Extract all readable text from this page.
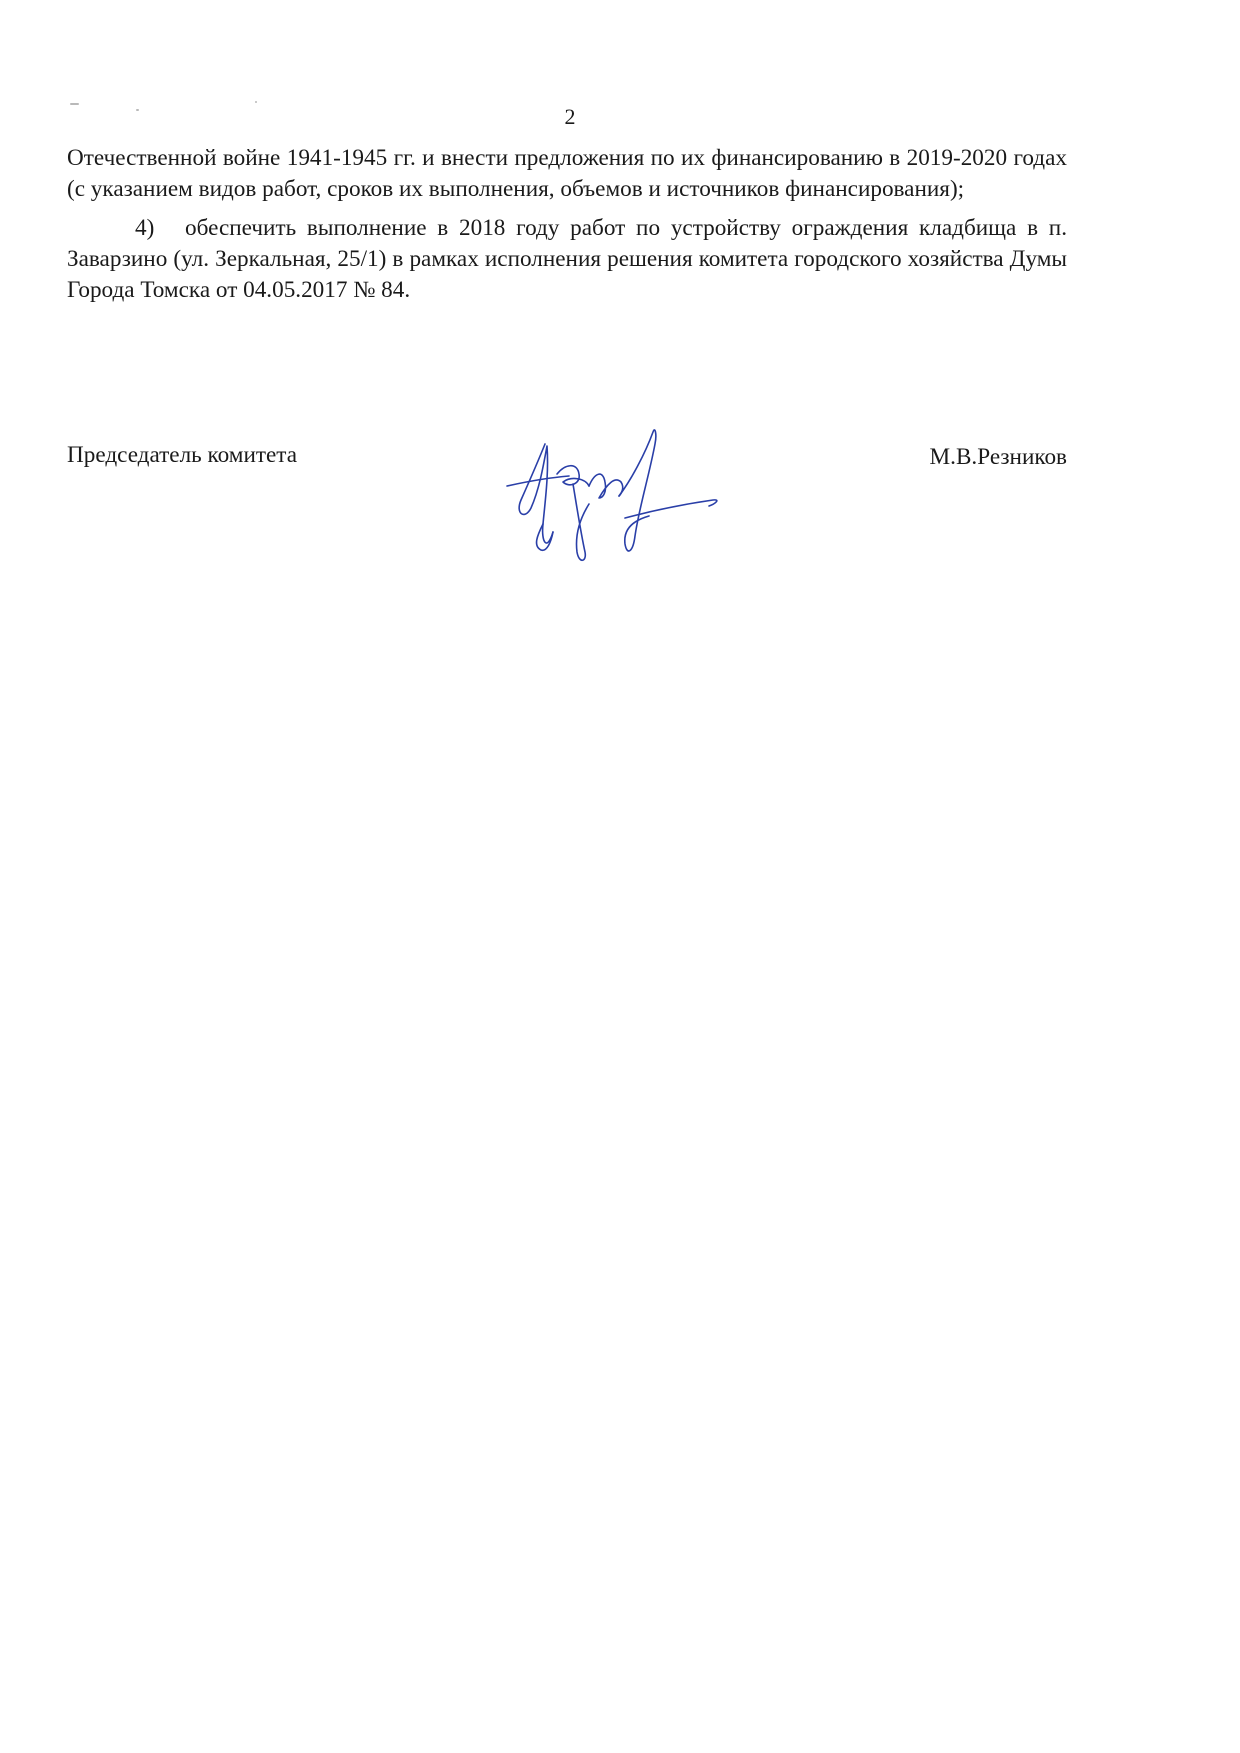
2

Отечественной войне 1941-1945 гг. и внести предложения по их финансированию в 2019-2020 годах (с указанием видов работ, сроков их выполнения, объемов и источников финансирования);

4) обеспечить выполнение в 2018 году работ по устройству ограждения кладбища в п. Заварзино (ул. Зеркальная, 25/1) в рамках исполнения решения комитета городского хозяйства Думы Города Томска от 04.05.2017 № 84.

Председатель комитета	М.В.Резников
